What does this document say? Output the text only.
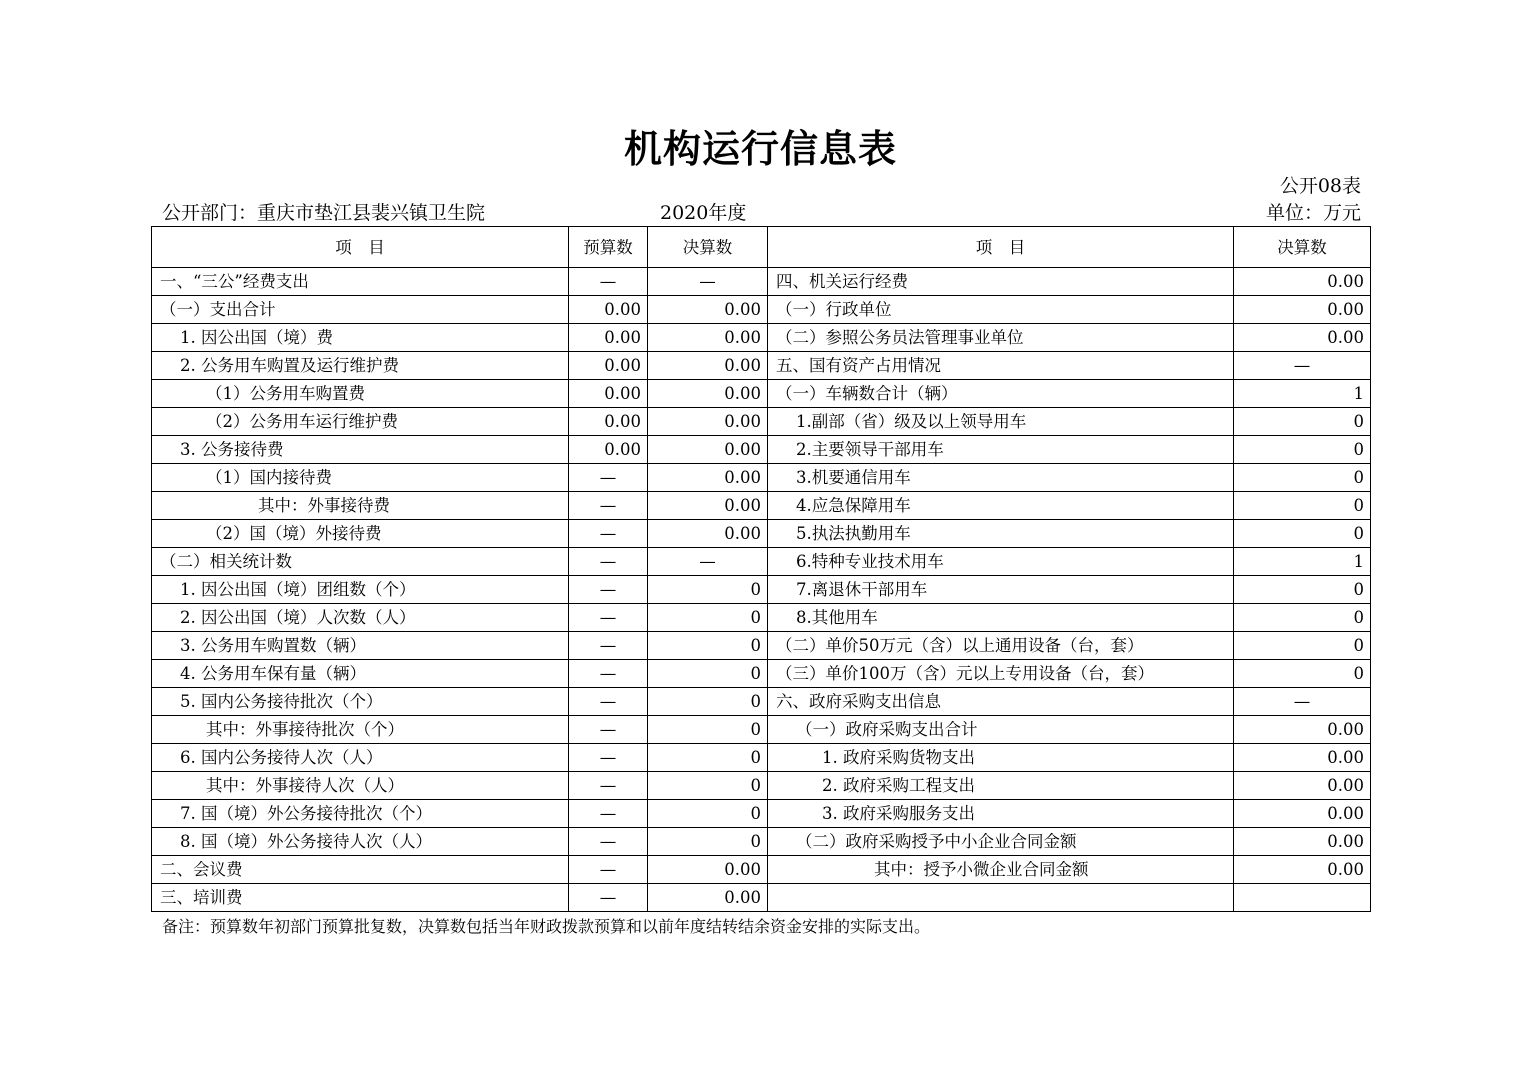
机构运行信息表
公开08表
公开部门：重庆市垫江县裴兴镇卫生院	2020年度	单位：万元
项　目	预算数	决算数	项　目	决算数
一、“三公”经费支出	—	—	四、机关运行经费	0.00
（一）支出合计	0.00	0.00	（一）行政单位	0.00
1. 因公出国（境）费	0.00	0.00	（二）参照公务员法管理事业单位	0.00
2. 公务用车购置及运行维护费	0.00	0.00	五、国有资产占用情况	—
（1）公务用车购置费	0.00	0.00	（一）车辆数合计（辆）	1
（2）公务用车运行维护费	0.00	0.00	1.副部（省）级及以上领导用车	0
3. 公务接待费	0.00	0.00	2.主要领导干部用车	0
（1）国内接待费	—	0.00	3.机要通信用车	0
其中：外事接待费	—	0.00	4.应急保障用车	0
（2）国（境）外接待费	—	0.00	5.执法执勤用车	0
（二）相关统计数	—	—	6.特种专业技术用车	1
1. 因公出国（境）团组数（个）	—	0	7.离退休干部用车	0
2. 因公出国（境）人次数（人）	—	0	8.其他用车	0
3. 公务用车购置数（辆）	—	0	（二）单价50万元（含）以上通用设备（台，套）	0
4. 公务用车保有量（辆）	—	0	（三）单价100万（含）元以上专用设备（台，套）	0
5. 国内公务接待批次（个）	—	0	六、政府采购支出信息	—
其中：外事接待批次（个）	—	0	（一）政府采购支出合计	0.00
6. 国内公务接待人次（人）	—	0	1. 政府采购货物支出	0.00
其中：外事接待人次（人）	—	0	2. 政府采购工程支出	0.00
7. 国（境）外公务接待批次（个）	—	0	3. 政府采购服务支出	0.00
8. 国（境）外公务接待人次（人）	—	0	（二）政府采购授予中小企业合同金额	0.00
二、会议费	—	0.00	其中：授予小微企业合同金额	0.00
三、培训费	—	0.00		
备注：预算数年初部门预算批复数，决算数包括当年财政拨款预算和以前年度结转结余资金安排的实际支出。
